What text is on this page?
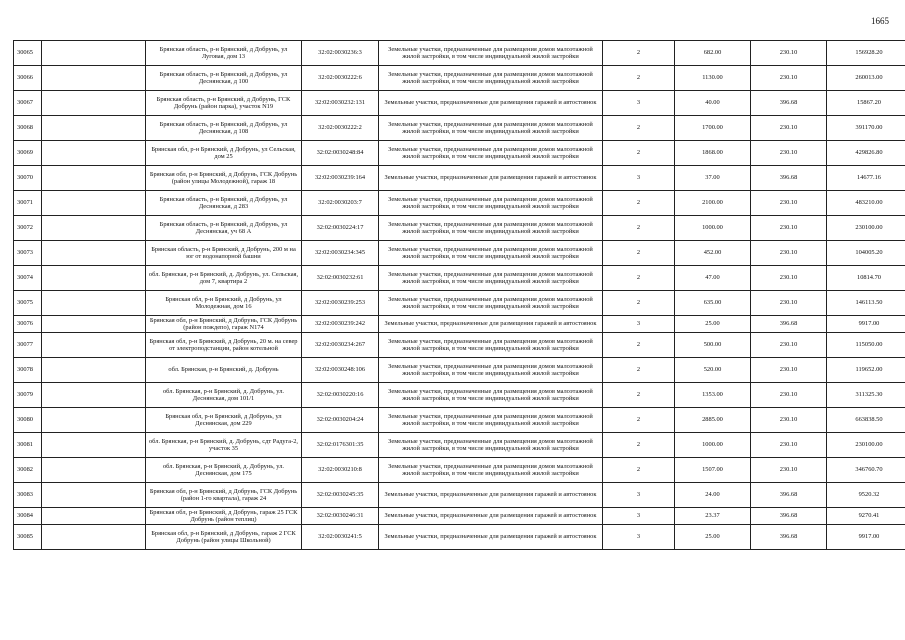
1665
30065		Брянская область, р-н Брянский, д Добрунь, ул Луговая, дом 13	32:02:0030236:3	Земельные участки, предназначенные для размещения домов малоэтажной жилой застройки, в том числе индивидуальной жилой застройки	2	682.00	230.10	156928.20
30066		Брянская область, р-н Брянский, д Добрунь, ул Деснянская, д 100	32:02:0030222:6	Земельные участки, предназначенные для размещения домов малоэтажной жилой застройки, в том числе индивидуальной жилой застройки	2	1130.00	230.10	260013.00
30067		Брянская область, р-н Брянский, д Добрунь, ГСК Добрунь (район парка), участок N19	32:02:0030232:131	Земельные участки, предназначенные для размещения гаражей и автостоянок	3	40.00	396.68	15867.20
30068		Брянская область, р-н Брянский, д Добрунь, ул Деснянская, д 108	32:02:0030222:2	Земельные участки, предназначенные для размещения домов малоэтажной жилой застройки, в том числе индивидуальной жилой застройки	2	1700.00	230.10	391170.00
30069		Брянская обл, р-н Брянский, д Добрунь, ул Сельская, дом 25	32:02:0030248:84	Земельные участки, предназначенные для размещения домов малоэтажной жилой застройки, в том числе индивидуальной жилой застройки	2	1868.00	230.10	429826.80
30070		Брянская обл, р-н Брянский, д Добрунь, ГСК Добрунь (район улицы Молодежной), гараж 18	32:02:0030239:164	Земельные участки, предназначенные для размещения гаражей и автостоянок	3	37.00	396.68	14677.16
30071		Брянская область, р-н Брянский, д Добрунь, ул Деснянская, д 283	32:02:0030203:7	Земельные участки, предназначенные для размещения домов малоэтажной жилой застройки, в том числе индивидуальной жилой застройки	2	2100.00	230.10	483210.00
30072		Брянская область, р-н Брянский, д Добрунь, ул Деснянская, уч 68 А	32:02:0030224:17	Земельные участки, предназначенные для размещения домов малоэтажной жилой застройки, в том числе индивидуальной жилой застройки	2	1000.00	230.10	230100.00
30073		Брянская область, р-н Брянский, д Добрунь, 200 м на юг от водонапорной башни	32:02:0030234:345	Земельные участки, предназначенные для размещения домов малоэтажной жилой застройки, в том числе индивидуальной жилой застройки	2	452.00	230.10	104005.20
30074		обл. Брянская, р-н Брянский, д. Добрунь, ул. Сельская, дом 7, квартира 2	32:02:0030232:61	Земельные участки, предназначенные для размещения домов малоэтажной жилой застройки, в том числе индивидуальной жилой застройки	2	47.00	230.10	10814.70
30075		Брянская обл, р-н Брянский, д Добрунь, ул Молодежная, дом 16	32:02:0030239:253	Земельные участки, предназначенные для размещения домов малоэтажной жилой застройки, в том числе индивидуальной жилой застройки	2	635.00	230.10	146113.50
30076		Брянская обл, р-н Брянский, д Добрунь, ГСК Добрунь (район пождепо), гараж N174	32:02:0030239:242	Земельные участки, предназначенные для размещения гаражей и автостоянок	3	25.00	396.68	9917.00
30077		Брянская обл, р-н Брянский, д Добрунь, 20 м. на север от электроподстанции, район котельной	32:02:0030234:267	Земельные участки, предназначенные для размещения домов малоэтажной жилой застройки, в том числе индивидуальной жилой застройки	2	500.00	230.10	115050.00
30078		обл. Брянская, р-н Брянский, д. Добрунь	32:02:0030248:106	Земельные участки, предназначенные для размещения домов малоэтажной жилой застройки, в том числе индивидуальной жилой застройки	2	520.00	230.10	119652.00
30079		обл. Брянская, р-н Брянский, д. Добрунь, ул. Деснянская, дом 101/1	32:02:0030220:16	Земельные участки, предназначенные для размещения домов малоэтажной жилой застройки, в том числе индивидуальной жилой застройки	2	1353.00	230.10	311325.30
30080		Брянская обл, р-н Брянский, д Добрунь, ул Деснянская, дом 229	32:02:0030204:24	Земельные участки, предназначенные для размещения домов малоэтажной жилой застройки, в том числе индивидуальной жилой застройки	2	2885.00	230.10	663838.50
30081		обл. Брянская, р-н Брянский, д. Добрунь, сдт Радуга-2, участок 35	32:02:0176301:35	Земельные участки, предназначенные для размещения домов малоэтажной жилой застройки, в том числе индивидуальной жилой застройки	2	1000.00	230.10	230100.00
30082		обл. Брянская, р-н Брянский, д. Добрунь, ул. Деснянская, дом 175	32:02:0030210:8	Земельные участки, предназначенные для размещения домов малоэтажной жилой застройки, в том числе индивидуальной жилой застройки	2	1507.00	230.10	346760.70
30083		Брянская обл, р-н Брянский, д Добрунь, ГСК Добрунь (район 1-го квартала), гараж 24	32:02:0030245:35	Земельные участки, предназначенные для размещения гаражей и автостоянок	3	24.00	396.68	9520.32
30084		Брянская обл, р-н Брянский, д Добрунь, гараж 25 ГСК Добрунь (район теплиц)	32:02:0030246:31	Земельные участки, предназначенные для размещения гаражей и автостоянок	3	23.37	396.68	9270.41
30085		Брянская обл, р-н Брянский, д Добрунь, гараж 2 ГСК Добрунь (район улицы Школьной)	32:02:0030241:5	Земельные участки, предназначенные для размещения гаражей и автостоянок	3	25.00	396.68	9917.00
